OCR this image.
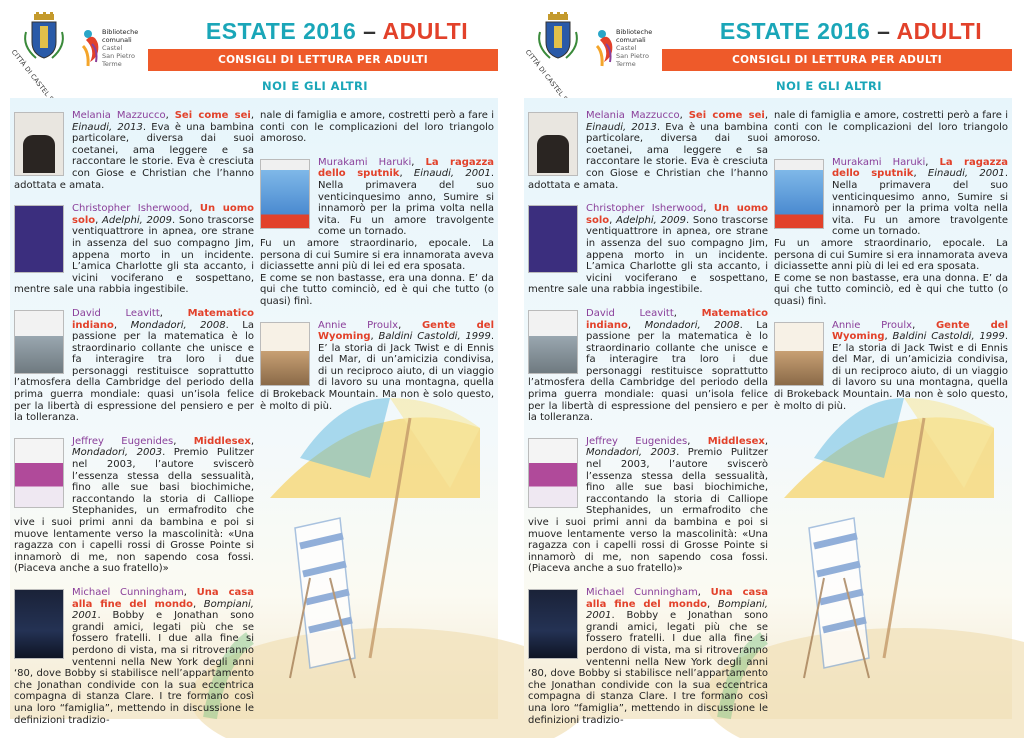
Biblioteche
comunali
Castel
San Pietro
Terme
ESTATE 2016 – ADULTI
CONSIGLI DI LETTURA PER ADULTI
NOI E GLI ALTRI
Melania Mazzucco, Sei come sei, Einaudi, 2013. Eva è una bambina particolare, diversa dai suoi coetanei, ama leggere e sa raccontare le storie. Eva è cresciuta con Giose e Christian che l’hanno adottata e amata.
Christopher Isherwood, Un uomo solo, Adelphi, 2009. Sono trascorse ventiquattrore in apnea, ore strane in assenza del suo compagno Jim, appena morto in un incidente. L’amica Charlotte gli sta accanto, i vicini vociferano e sospettano, mentre sale una rabbia ingestibile.
David Leavitt, Matematico indiano, Mondadori, 2008. La passione per la matematica è lo straordinario collante che unisce e fa interagire tra loro i due personaggi restituisce soprattutto l’atmosfera della Cambridge del periodo della prima guerra mondiale: quasi un’isola felice per la libertà di espressione del pensiero e per la tolleranza.
Jeffrey Eugenides, Middlesex, Mondadori, 2003. Premio Pulitzer nel 2003, l’autore sviscerò l’essenza stessa della sessualità, fino alle sue basi biochimiche, raccontando la storia di Calliope Stephanides, un ermafrodito che vive i suoi primi anni da bambina e poi si muove lentamente verso la mascolinità: «Una ragazza con i capelli rossi di Grosse Pointe si innamorò di me, non sapendo cosa fossi. (Piaceva anche a suo fratello)»
Michael Cunningham, Una casa alla fine del mondo, Bompiani, 2001. Bobby e Jonathan sono grandi amici, legati più che se fossero fratelli. I due alla fine si perdono di vista, ma si ritroveranno ventenni nella New York degli anni ‘80, dove Bobby si stabilisce nell’appartamento che Jonathan condivide con la sua eccentrica compagna di stanza Clare. I tre formano così una loro “famiglia”, mettendo in discussione le definizioni tradizio-
nale di famiglia e amore, costretti però a fare i conti con le complicazioni del loro triangolo amoroso.
Murakami Haruki, La ragazza dello sputnik, Einaudi, 2001. Nella primavera del suo venticinquesimo anno, Sumire si innamorò per la prima volta nella vita. Fu un amore travolgente come un tornado.
Fu un amore straordinario, epocale. La persona di cui Sumire si era innamorata aveva diciassette anni più di lei ed era sposata.
E come se non bastasse, era una donna. E’ da qui che tutto cominciò, ed è qui che tutto (o quasi) finì.
Annie Proulx, Gente del Wyoming, Baldini Castoldi, 1999. E’ la storia di Jack Twist e di Ennis del Mar, di un’amicizia condivisa, di un reciproco aiuto, di un viaggio di lavoro su una montagna, quella di Brokeback Mountain. Ma non è solo questo, è molto di più.
Biblioteche
comunali
Castel
San Pietro
Terme
ESTATE 2016 – ADULTI
CONSIGLI DI LETTURA PER ADULTI
NOI E GLI ALTRI
Melania Mazzucco, Sei come sei, Einaudi, 2013. Eva è una bambina particolare, diversa dai suoi coetanei, ama leggere e sa raccontare le storie. Eva è cresciuta con Giose e Christian che l’hanno adottata e amata.
Christopher Isherwood, Un uomo solo, Adelphi, 2009. Sono trascorse ventiquattrore in apnea, ore strane in assenza del suo compagno Jim, appena morto in un incidente. L’amica Charlotte gli sta accanto, i vicini vociferano e sospettano, mentre sale una rabbia ingestibile.
David Leavitt, Matematico indiano, Mondadori, 2008. La passione per la matematica è lo straordinario collante che unisce e fa interagire tra loro i due personaggi restituisce soprattutto l’atmosfera della Cambridge del periodo della prima guerra mondiale: quasi un’isola felice per la libertà di espressione del pensiero e per la tolleranza.
Jeffrey Eugenides, Middlesex, Mondadori, 2003. Premio Pulitzer nel 2003, l’autore sviscerò l’essenza stessa della sessualità, fino alle sue basi biochimiche, raccontando la storia di Calliope Stephanides, un ermafrodito che vive i suoi primi anni da bambina e poi si muove lentamente verso la mascolinità: «Una ragazza con i capelli rossi di Grosse Pointe si innamorò di me, non sapendo cosa fossi. (Piaceva anche a suo fratello)»
Michael Cunningham, Una casa alla fine del mondo, Bompiani, 2001. Bobby e Jonathan sono grandi amici, legati più che se fossero fratelli. I due alla fine si perdono di vista, ma si ritroveranno ventenni nella New York degli anni ‘80, dove Bobby si stabilisce nell’appartamento che Jonathan condivide con la sua eccentrica compagna di stanza Clare. I tre formano così una loro “famiglia”, mettendo in discussione le definizioni tradizio-
nale di famiglia e amore, costretti però a fare i conti con le complicazioni del loro triangolo amoroso.
Murakami Haruki, La ragazza dello sputnik, Einaudi, 2001. Nella primavera del suo venticinquesimo anno, Sumire si innamorò per la prima volta nella vita. Fu un amore travolgente come un tornado.
Fu un amore straordinario, epocale. La persona di cui Sumire si era innamorata aveva diciassette anni più di lei ed era sposata.
E come se non bastasse, era una donna. E’ da qui che tutto cominciò, ed è qui che tutto (o quasi) finì.
Annie Proulx, Gente del Wyoming, Baldini Castoldi, 1999. E’ la storia di Jack Twist e di Ennis del Mar, di un’amicizia condivisa, di un reciproco aiuto, di un viaggio di lavoro su una montagna, quella di Brokeback Mountain. Ma non è solo questo, è molto di più.
